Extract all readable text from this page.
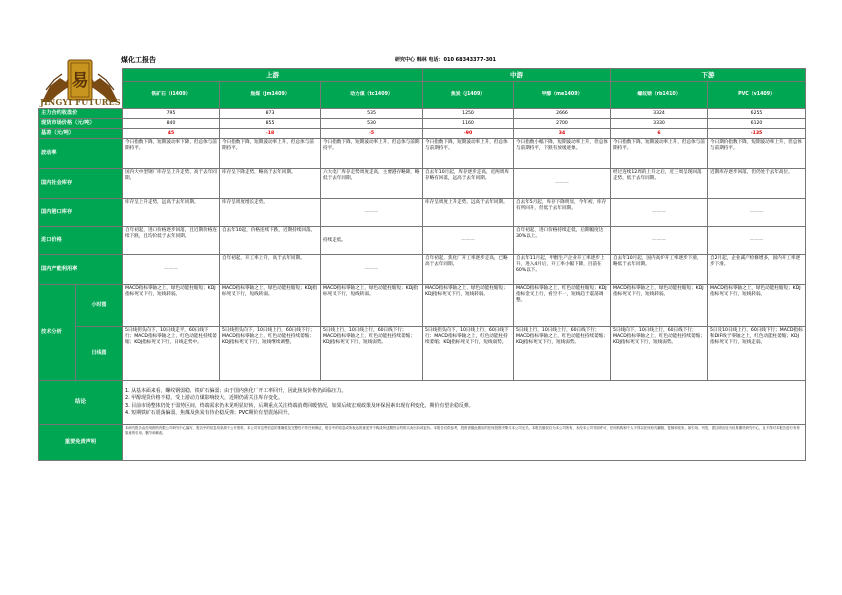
易
JINGYI FUTURES
煤化工报告	研究中心 韩林 电话：010 68343377-301
		上游			中游		下游	
		铁矿石（i1409）	焦煤（jm1409）	动力煤（tc1409）	焦炭（j1409）	甲醇（me1409）	螺纹钢（rb1410）	PVC（v1409）
主力合约收盘价		795	873	535	1250	2666	3324	6255
现货市场价格（元/吨）		840	855	530	1160	2700	3330	6120
基差（元/吨）		45	-18	-5	-90	34	6	-135
波动率		今日指数下降，短期波动率下降，但总体与前期持平。	今日指数下降，短期波动率上升，但总体与前期持平。	今日指数下降，短期波动率上升，但总体与前期持平。	今日指数下降，短期波动率上升，但总体与前期持平。	今日指数小幅下降，短期波动率上升，但总体与前期持平，下跌有放缓迹象。	今日指数下降，短期波动率上升，但总体与前期持平。	今日期价指数下降，短期波动率上升，但总体与前期持平。
国内社会库存		国内大中型钢厂库存呈上升走势，高于去年同期。	库存呈下降走势，略高于去年同期。	六大电厂库存走势周度走高，主要港存略降，略低于去年同期。	自去年10月起，库存逐步走高，近两周库存略有回落，远高于去年同期。	———	经过连续12周的上升之后，近三周呈现回落走势，低于去年同期。	近期库存逐步回落，但仍处于去年高位。
国内港口库存		库存呈上升走势，远高于去年同期。	库存呈周度增长走势。	———	库存呈周度上升走势，远高于去年同期。	自去年5月起，库存下降明显，今年初，库存有所回升，但低于去年同期。	———	———
进口价格		自年初起，进口价格逐步回落，且近期价格连续下跌，且均价低于去年同期。	自去年10起，价格连续下跌，近期持续回落。	持续走低。	———	自年初起，进口价格持续走低，后期幅度达30%以上。	———	———
国内产能利用率		———	自年初起，开工率上升，高于去年同期。	———	自年初起，焦化厂开工率逐步走高，已略高于去年同期。	自去年11月起，甲醇生产企业开工率逐步上升，进入4月后，开工率小幅下降，目前在60%以下。	自去年10月起，国内高炉开工率逐步下滑，略低于去年同期。	自2月起，企业减产检修增多，国内开工率逐步下滑。
技术分析	小时图	MACD指标零轴之上，绿色动能柱缩短；KDJ指标死叉下行，短线转弱。	MACD指标零轴之上，绿色动能柱缩短；KDJ指标死叉下行，短线转弱。	MACD指标零轴之上，绿色动能柱缩短；KDJ指标死叉下行，短线转弱。	MACD指标零轴之上，绿色动能柱缩短；KDJ指标死叉下行，短线转弱。	MACD指标零轴之上，红色动能柱缩短；KDJ指标金叉上行，看空不一，短线趋于震荡调整。	MACD指标零轴之上，绿色动能柱缩短；KDJ指标死叉下行，短线转弱。	MACD指标零轴之上，绿色动能柱缩短；KDJ指标死叉下行，短线转弱。
	日线图	5日线拐头向下，10日线走平，60日线下行；MACD指标零轴之上，红色动能柱持续萎缩；KDJ指标死叉下行，日线走势中。	5日线拐头向下，10日线上行，60日线下行；MACD指标零轴之上，红色动能柱持续萎缩；KDJ指标死叉下行，短线继续调整。	5日线上行，10日线上行，60日线下行；MACD指标零轴之上，红色动能柱持续萎缩；KDJ指标死叉下行，短线弱势。	5日线拐头向下，10日线上行，60日线下行；MACD指标零轴之上，红色动能柱持续萎缩；KDJ指标死叉下行，短线弱势。	5日线上行，10日线上行，60日线下行；MACD指标零轴之上，红色动能柱持续萎缩；KDJ指标死叉下行，短线弱势。	5日线向下，10日线上行，60日线下行；MACD指标零轴之上，红色动能柱持续萎缩；KDJ指标死叉下行，短线弱势。	5日及10日线上行，60日线下行；MACD指标和DIF线于零轴之上，红色动能柱萎缩；KDJ指标死叉下行，短线走弱。
结论		1. 从基本面来看，螺纹钢弱稳，铁矿石偏弱；由于国内焦化厂开工率回升，因此焦炭价格仍面临压力。
2. 甲醇现货价格不稳，受上游动力煤影响较大，近期仍需关注库存变化。
3. 目前市场整体仍处于弱势区间，终端需求仍未见明显好转，后期重点关注终端消费回暖情况，如果后续宏观政策及环保因素出现有利变化，期价有望企稳反弹。
4. 短期铁矿石震荡偏弱，焦煤及焦炭有待企稳反弹；PVC期价有望震荡回升。						

重要免责声明		本研究报告由经易期货有限公司研究中心编写，报告中的信息均来源于公开资料，本公司对这些信息的准确性及完整性不作任何保证，报告中的信息或所表达的意见并不构成所述期货合约的买卖出价或征价。本报告仅供参考，投资者据此做出的任何投资决策与本公司无关。本报告版权仅为本公司所有，未经本公司书面许可，任何机构和个人不得以任何形式翻版、复制和发布。如引用、刊发，需注明出处为经易期货研究中心，且不得对本报告进行有悖原意的引用、删节和修改。						
